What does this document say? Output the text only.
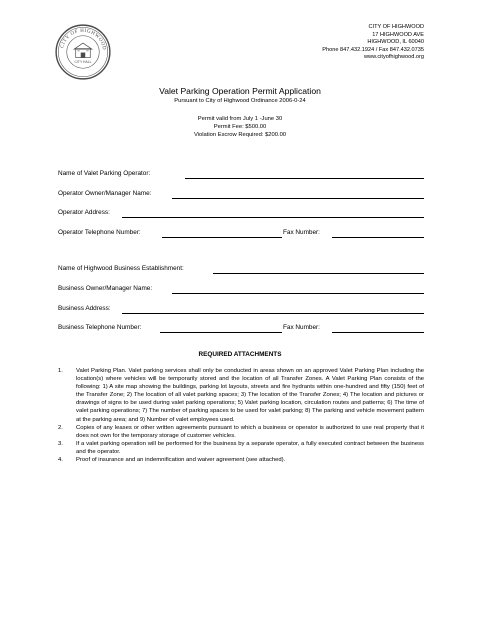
CITY OF HIGHWOOD
CITY HALL
CITY OF HIGHWOOD
17 HIGHWOOD AVE
HIGHWOOD, IL 60040
Phone 847.432.1924 / Fax 847.432.0735
www.cityofhighwood.org
Valet Parking Operation Permit Application
Pursuant to City of Highwood Ordinance 2006-0-24
Permit valid from July 1 -June 30
Permit Fee: $500.00
Violation Escrow Required: $200.00
Name of Valet Parking Operator:
Operator Owner/Manager Name:
Operator Address:
Operator Telephone Number:	Fax Number:
Name of Highwood Business Establishment:
Business Owner/Manager Name:
Business Address:
Business Telephone Number:	Fax Number:
REQUIRED ATTACHMENTS
1. Valet Parking Plan. Valet parking services shall only be conducted in areas shown on an approved Valet Parking Plan including the location(s) where vehicles will be temporarily stored and the location of all Transfer Zones. A Valet Parking Plan consists of the following: 1) A site map showing the buildings, parking lot layouts, streets and fire hydrants within one-hundred and fifty (150) feet of the Transfer Zone; 2) The location of all valet parking spaces; 3) The location of the Transfer Zones; 4) The location and pictures or drawings of signs to be used during valet parking operations; 5) Valet parking location, circulation routes and patterns; 6) The time of valet parking operations; 7) The number of parking spaces to be used for valet parking; 8) The parking and vehicle movement pattern at the parking area; and 9) Number of valet employees used.
2. Copies of any leases or other written agreements pursuant to which a business or operator is authorized to use real property that it does not own for the temporary storage of customer vehicles.
3. If a valet parking operation will be performed for the business by a separate operator, a fully executed contract between the business and the operator.
4. Proof of insurance and an indemnification and waiver agreement (see attached).
